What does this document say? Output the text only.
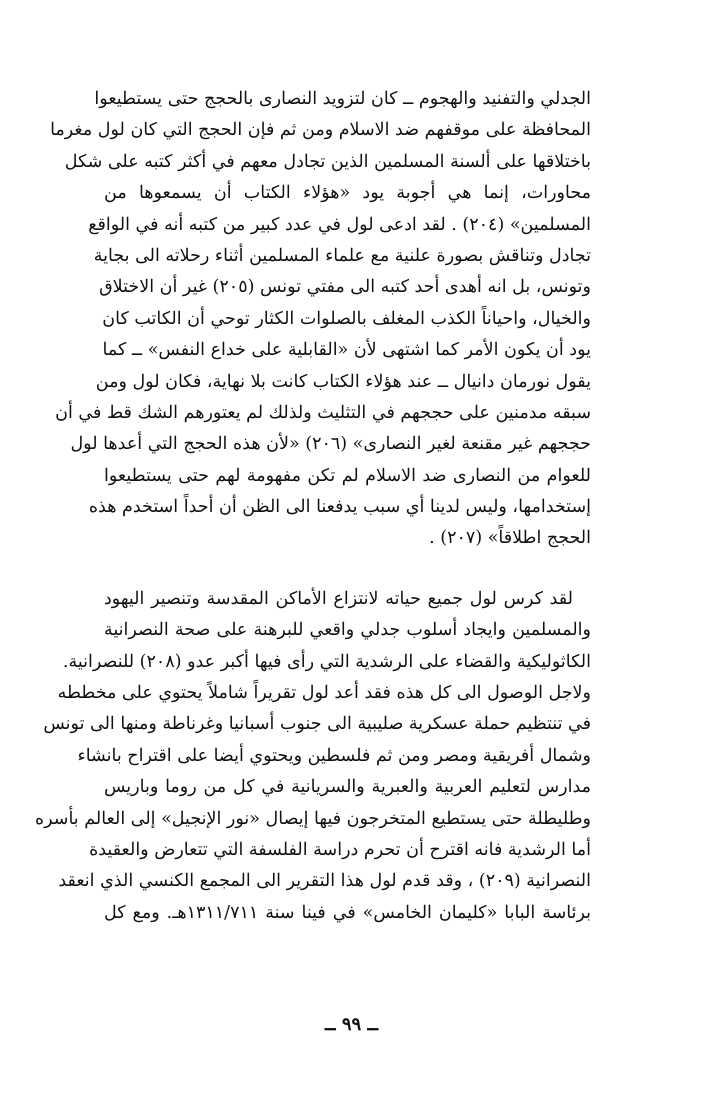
الجدلي والتفنيد والهجوم ــ كان لتزويد النصارى بالحجج حتى يستطيعوا
المحافظة على موقفهم ضد الاسلام ومن ثم فإن الحجج التي كان لول مغرما
باختلاقها على ألسنة المسلمين الذين تجادل معهم في أكثر كتبه على شكل
محاورات، إنما هي أجوبة يود «هؤلاء الكتاب أن يسمعوها من
المسلمين» (٢٠٤) . لقد ادعى لول في عدد كبير من كتبه أنه في الواقع
تجادل وتناقش بصورة علنية مع علماء المسلمين أثناء رحلاته الى بجاية
وتونس، بل انه أهدى أحد كتبه الى مفتي تونس (٢٠٥) غير أن الاختلاق
والخيال، واحياناً الكذب المغلف بالصلوات الكثار توحي أن الكاتب كان
يود أن يكون الأمر كما اشتهى لأن «القابلية على خداع النفس» ــ كما
يقول نورمان دانيال ــ عند هؤلاء الكتاب كانت بلا نهاية، فكان لول ومن
سبقه مدمنين على حججهم في التثليث ولذلك لم يعتورهم الشك قط في أن
حججهم غير مقنعة لغير النصارى» (٢٠٦) «لأن هذه الحجج التي أعدها لول
للعوام من النصارى ضد الاسلام لم تكن مفهومة لهم حتى يستطيعوا
إستخدامها، وليس لدينا أي سبب يدفعنا الى الظن أن أحداً استخدم هذه
الحجج اطلاقاً» (٢٠٧) .
لقد كرس لول جميع حياته لانتزاع الأماكن المقدسة وتنصير اليهود
والمسلمين وايجاد أسلوب جدلي واقعي للبرهنة على صحة النصرانية
الكاثوليكية والقضاء على الرشدية التي رأى فيها أكبر عدو (٢٠٨) للنصرانية.
ولاجل الوصول الى كل هذه فقد أعد لول تقريراً شاملاً يحتوي على مخططه
في تنتظيم حملة عسكرية صليبية الى جنوب أسبانيا وغرناطة ومنها الى تونس
وشمال أفريقية ومصر ومن ثم فلسطين ويحتوي أيضا على اقتراح بانشاء
مدارس لتعليم العربية والعبرية والسريانية في كل من روما وباريس
وطليطلة حتى يستطيع المتخرجون فيها إيصال «نور الإنجيل» إلى العالم بأسره
أما الرشدية فانه اقترح أن تحرم دراسة الفلسفة التي تتعارض والعقيدة
النصرانية (٢٠٩) ، وقد قدم لول هذا التقرير الى المجمع الكنسي الذي انعقد
برئاسة البابا «كليمان الخامس» في فينا سنة ١٣١١/٧١١هـ. ومع كل
ــ ٩٩ ــ
